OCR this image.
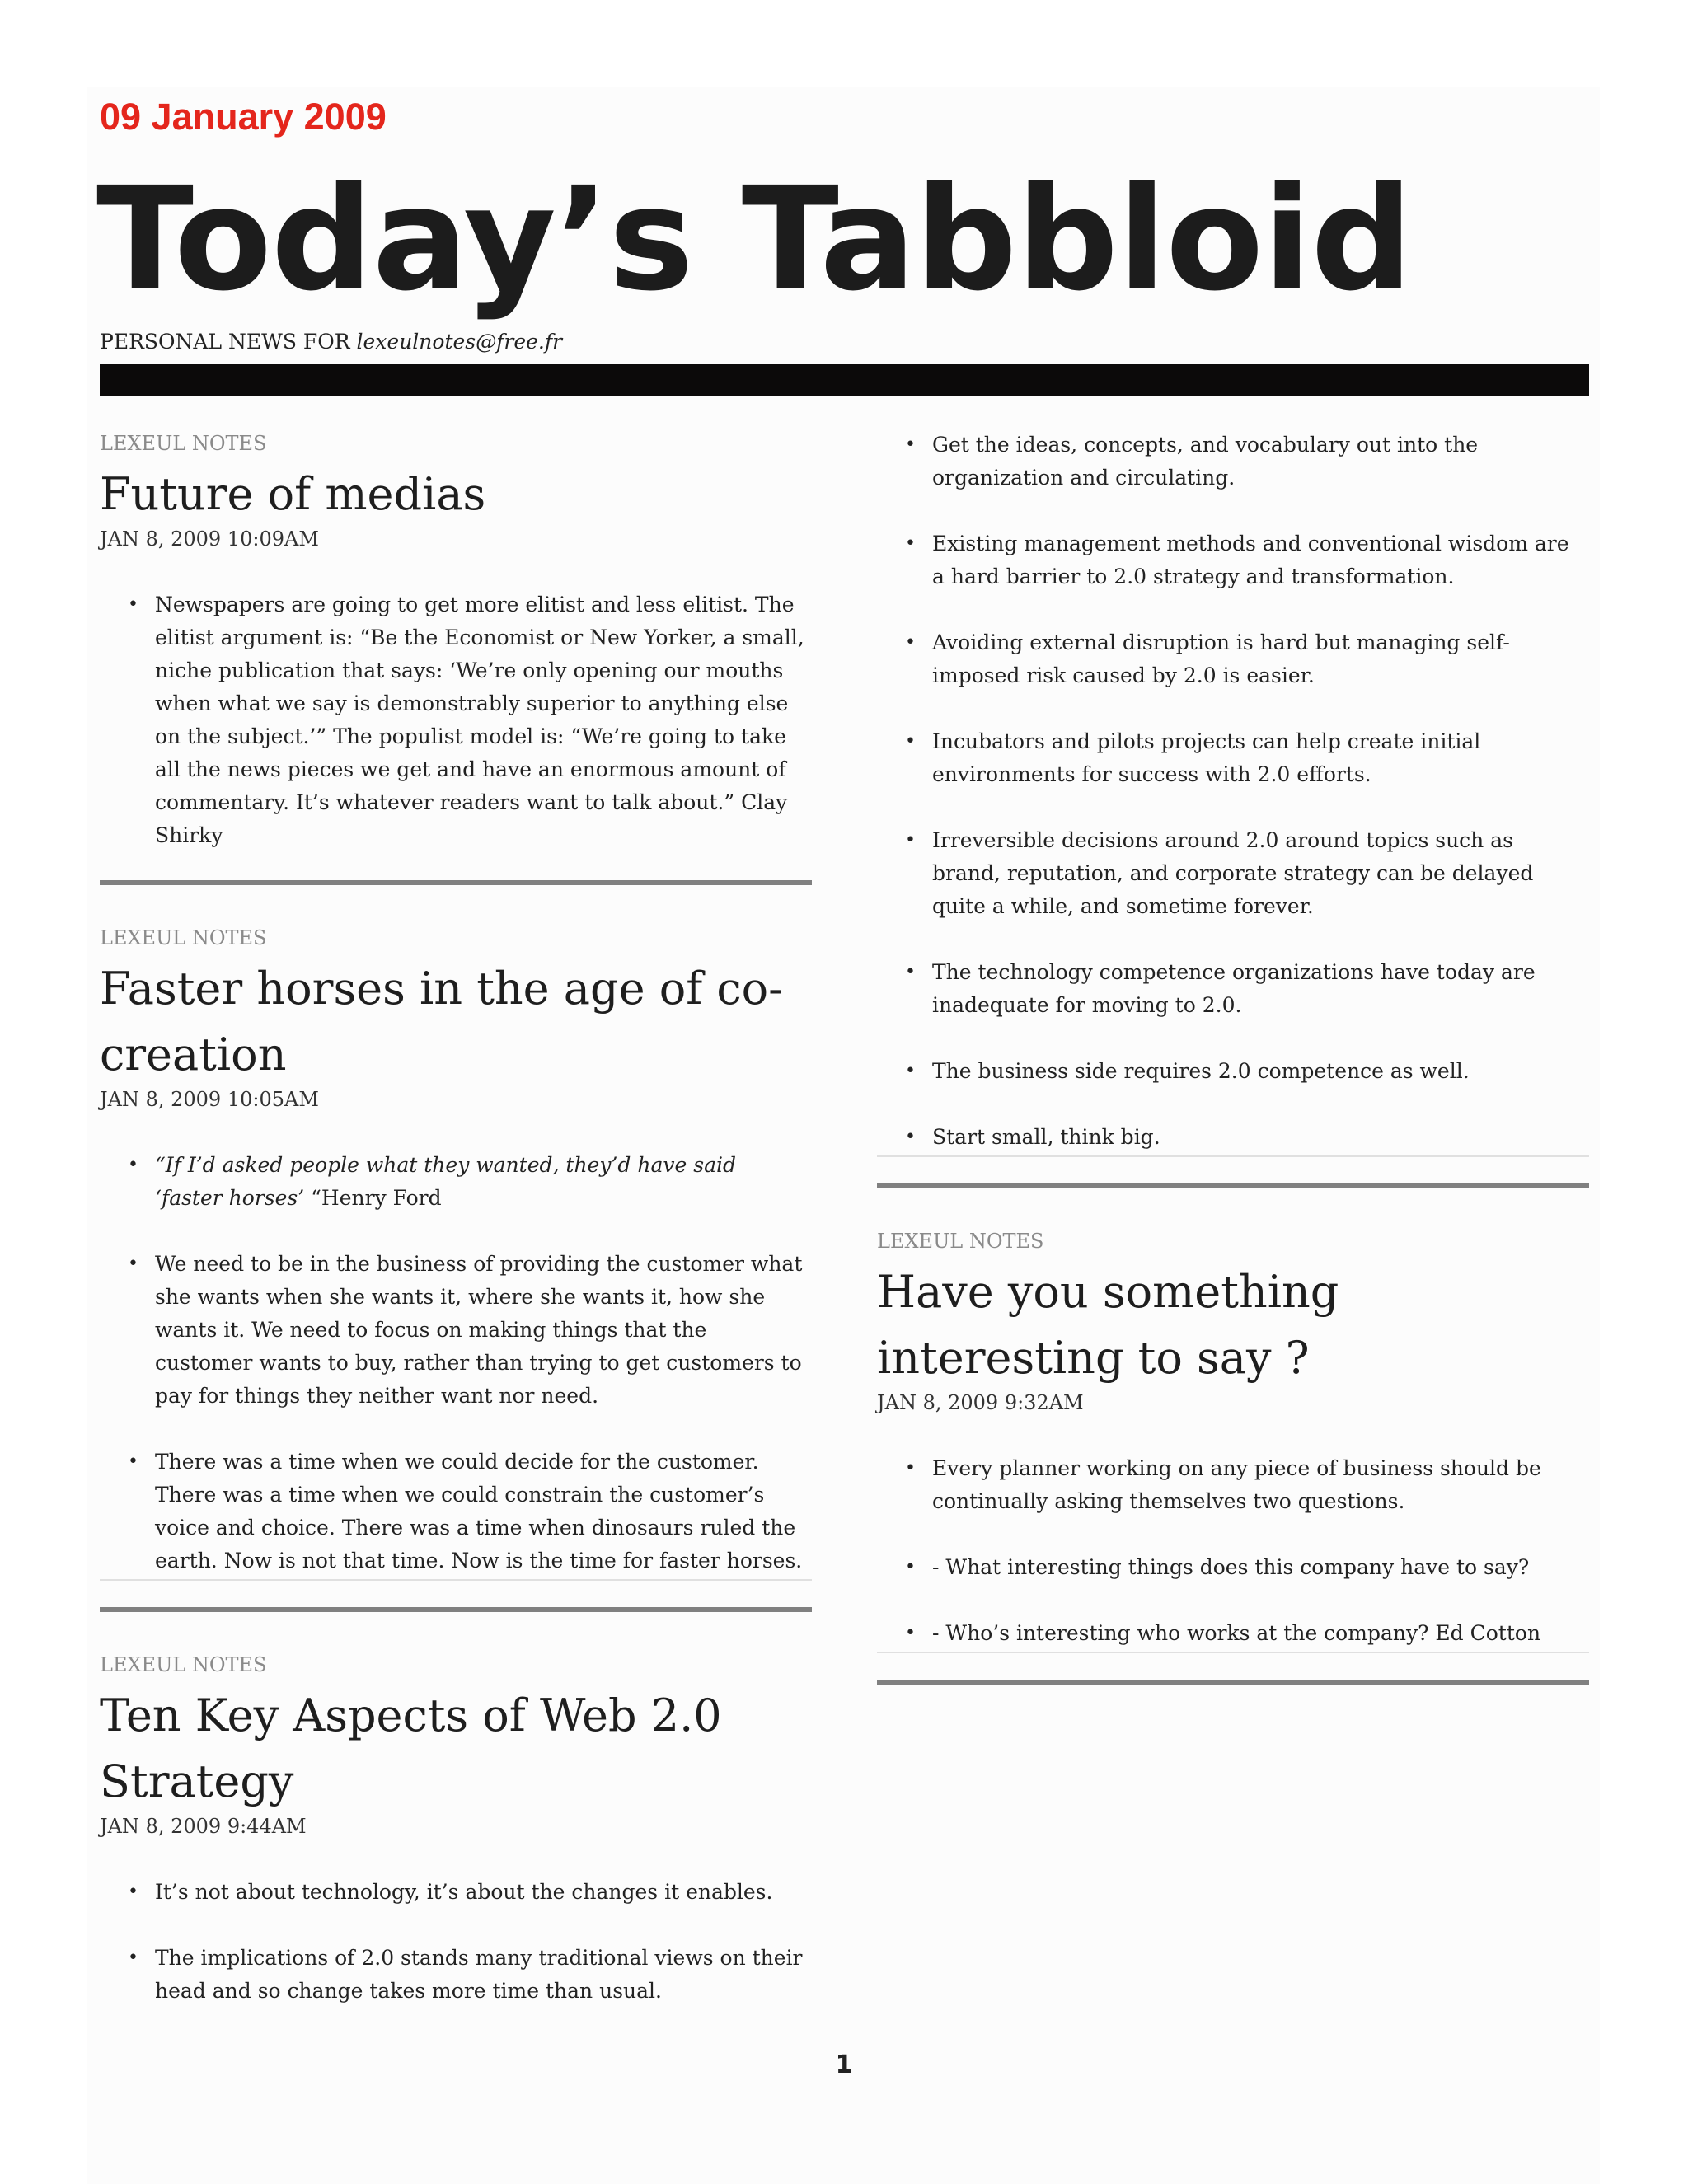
09 January 2009
Today’s Tabbloid
PERSONAL NEWS FOR lexeulnotes@free.fr
LEXEUL NOTES
Future of medias
JAN 8, 2009 10:09AM
• Newspapers are going to get more elitist and less elitist. The elitist argument is: “Be the Economist or New Yorker, a small, niche publication that says: ‘We’re only opening our mouths when what we say is demonstrably superior to anything else on the subject.’” The populist model is: “We’re going to take all the news pieces we get and have an enormous amount of commentary. It’s whatever readers want to talk about.” Clay Shirky
LEXEUL NOTES
Faster horses in the age of co-creation
JAN 8, 2009 10:05AM
• “If I’d asked people what they wanted, they’d have said ‘faster horses’ “Henry Ford
• We need to be in the business of providing the customer what she wants when she wants it, where she wants it, how she wants it. We need to focus on making things that the customer wants to buy, rather than trying to get customers to pay for things they neither want nor need.
• There was a time when we could decide for the customer. There was a time when we could constrain the customer’s voice and choice. There was a time when dinosaurs ruled the earth. Now is not that time. Now is the time for faster horses.
LEXEUL NOTES
Ten Key Aspects of Web 2.0 Strategy
JAN 8, 2009 9:44AM
• It’s not about technology, it’s about the changes it enables.
• The implications of 2.0 stands many traditional views on their head and so change takes more time than usual.
• Get the ideas, concepts, and vocabulary out into the organization and circulating.
• Existing management methods and conventional wisdom are a hard barrier to 2.0 strategy and transformation.
• Avoiding external disruption is hard but managing self-imposed risk caused by 2.0 is easier.
• Incubators and pilots projects can help create initial environments for success with 2.0 efforts.
• Irreversible decisions around 2.0 around topics such as brand, reputation, and corporate strategy can be delayed quite a while, and sometime forever.
• The technology competence organizations have today are inadequate for moving to 2.0.
• The business side requires 2.0 competence as well.
• Start small, think big.
LEXEUL NOTES
Have you something interesting to say ?
JAN 8, 2009 9:32AM
• Every planner working on any piece of business should be continually asking themselves two questions.
• - What interesting things does this company have to say?
• - Who’s interesting who works at the company? Ed Cotton
1
